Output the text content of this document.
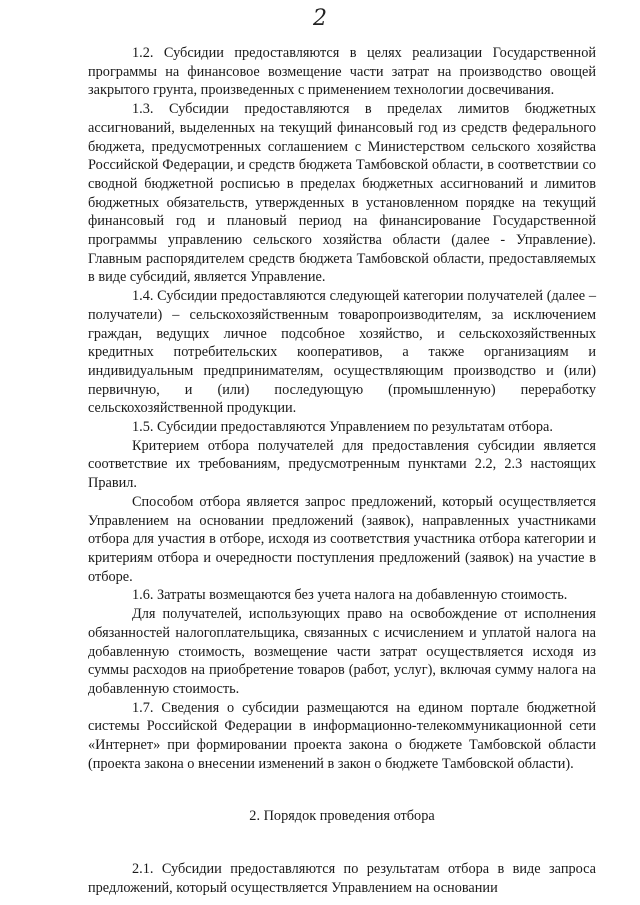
2

1.2. Субсидии предоставляются в целях реализации Государственной программы на финансовое возмещение части затрат на производство овощей закрытого грунта, произведенных с применением технологии досвечивания.

1.3. Субсидии предоставляются в пределах лимитов бюджетных ассигнований, выделенных на текущий финансовый год из средств федерального бюджета, предусмотренных соглашением с Министерством сельского хозяйства Российской Федерации, и средств бюджета Тамбовской области, в соответствии со сводной бюджетной росписью в пределах бюджетных ассигнований и лимитов бюджетных обязательств, утвержденных в установленном порядке на текущий финансовый год и плановый период на финансирование Государственной программы управлению сельского хозяйства области (далее - Управление). Главным распорядителем средств бюджета Тамбовской области, предоставляемых в виде субсидий, является Управление.

1.4. Субсидии предоставляются следующей категории получателей (далее – получатели) – сельскохозяйственным товаропроизводителям, за исключением граждан, ведущих личное подсобное хозяйство, и сельскохозяйственных кредитных потребительских кооперативов, а также организациям и индивидуальным предпринимателям, осуществляющим производство и (или) первичную, и (или) последующую (промышленную) переработку сельскохозяйственной продукции.

1.5. Субсидии предоставляются Управлением по результатам отбора.

Критерием отбора получателей для предоставления субсидии является соответствие их требованиям, предусмотренным пунктами 2.2, 2.3 настоящих Правил.

Способом отбора является запрос предложений, который осуществляется Управлением на основании предложений (заявок), направленных участниками отбора для участия в отборе, исходя из соответствия участника отбора категории и критериям отбора и очередности поступления предложений (заявок) на участие в отборе.

1.6. Затраты возмещаются без учета налога на добавленную стоимость.

Для получателей, использующих право на освобождение от исполнения обязанностей налогоплательщика, связанных с исчислением и уплатой налога на добавленную стоимость, возмещение части затрат осуществляется исходя из суммы расходов на приобретение товаров (работ, услуг), включая сумму налога на добавленную стоимость.

1.7. Сведения о субсидии размещаются на едином портале бюджетной системы Российской Федерации в информационно-телекоммуникационной сети «Интернет» при формировании проекта закона о бюджете Тамбовской области (проекта закона о внесении изменений в закон о бюджете Тамбовской области).

2. Порядок проведения отбора

2.1. Субсидии предоставляются по результатам отбора в виде запроса предложений, который осуществляется Управлением на основании
